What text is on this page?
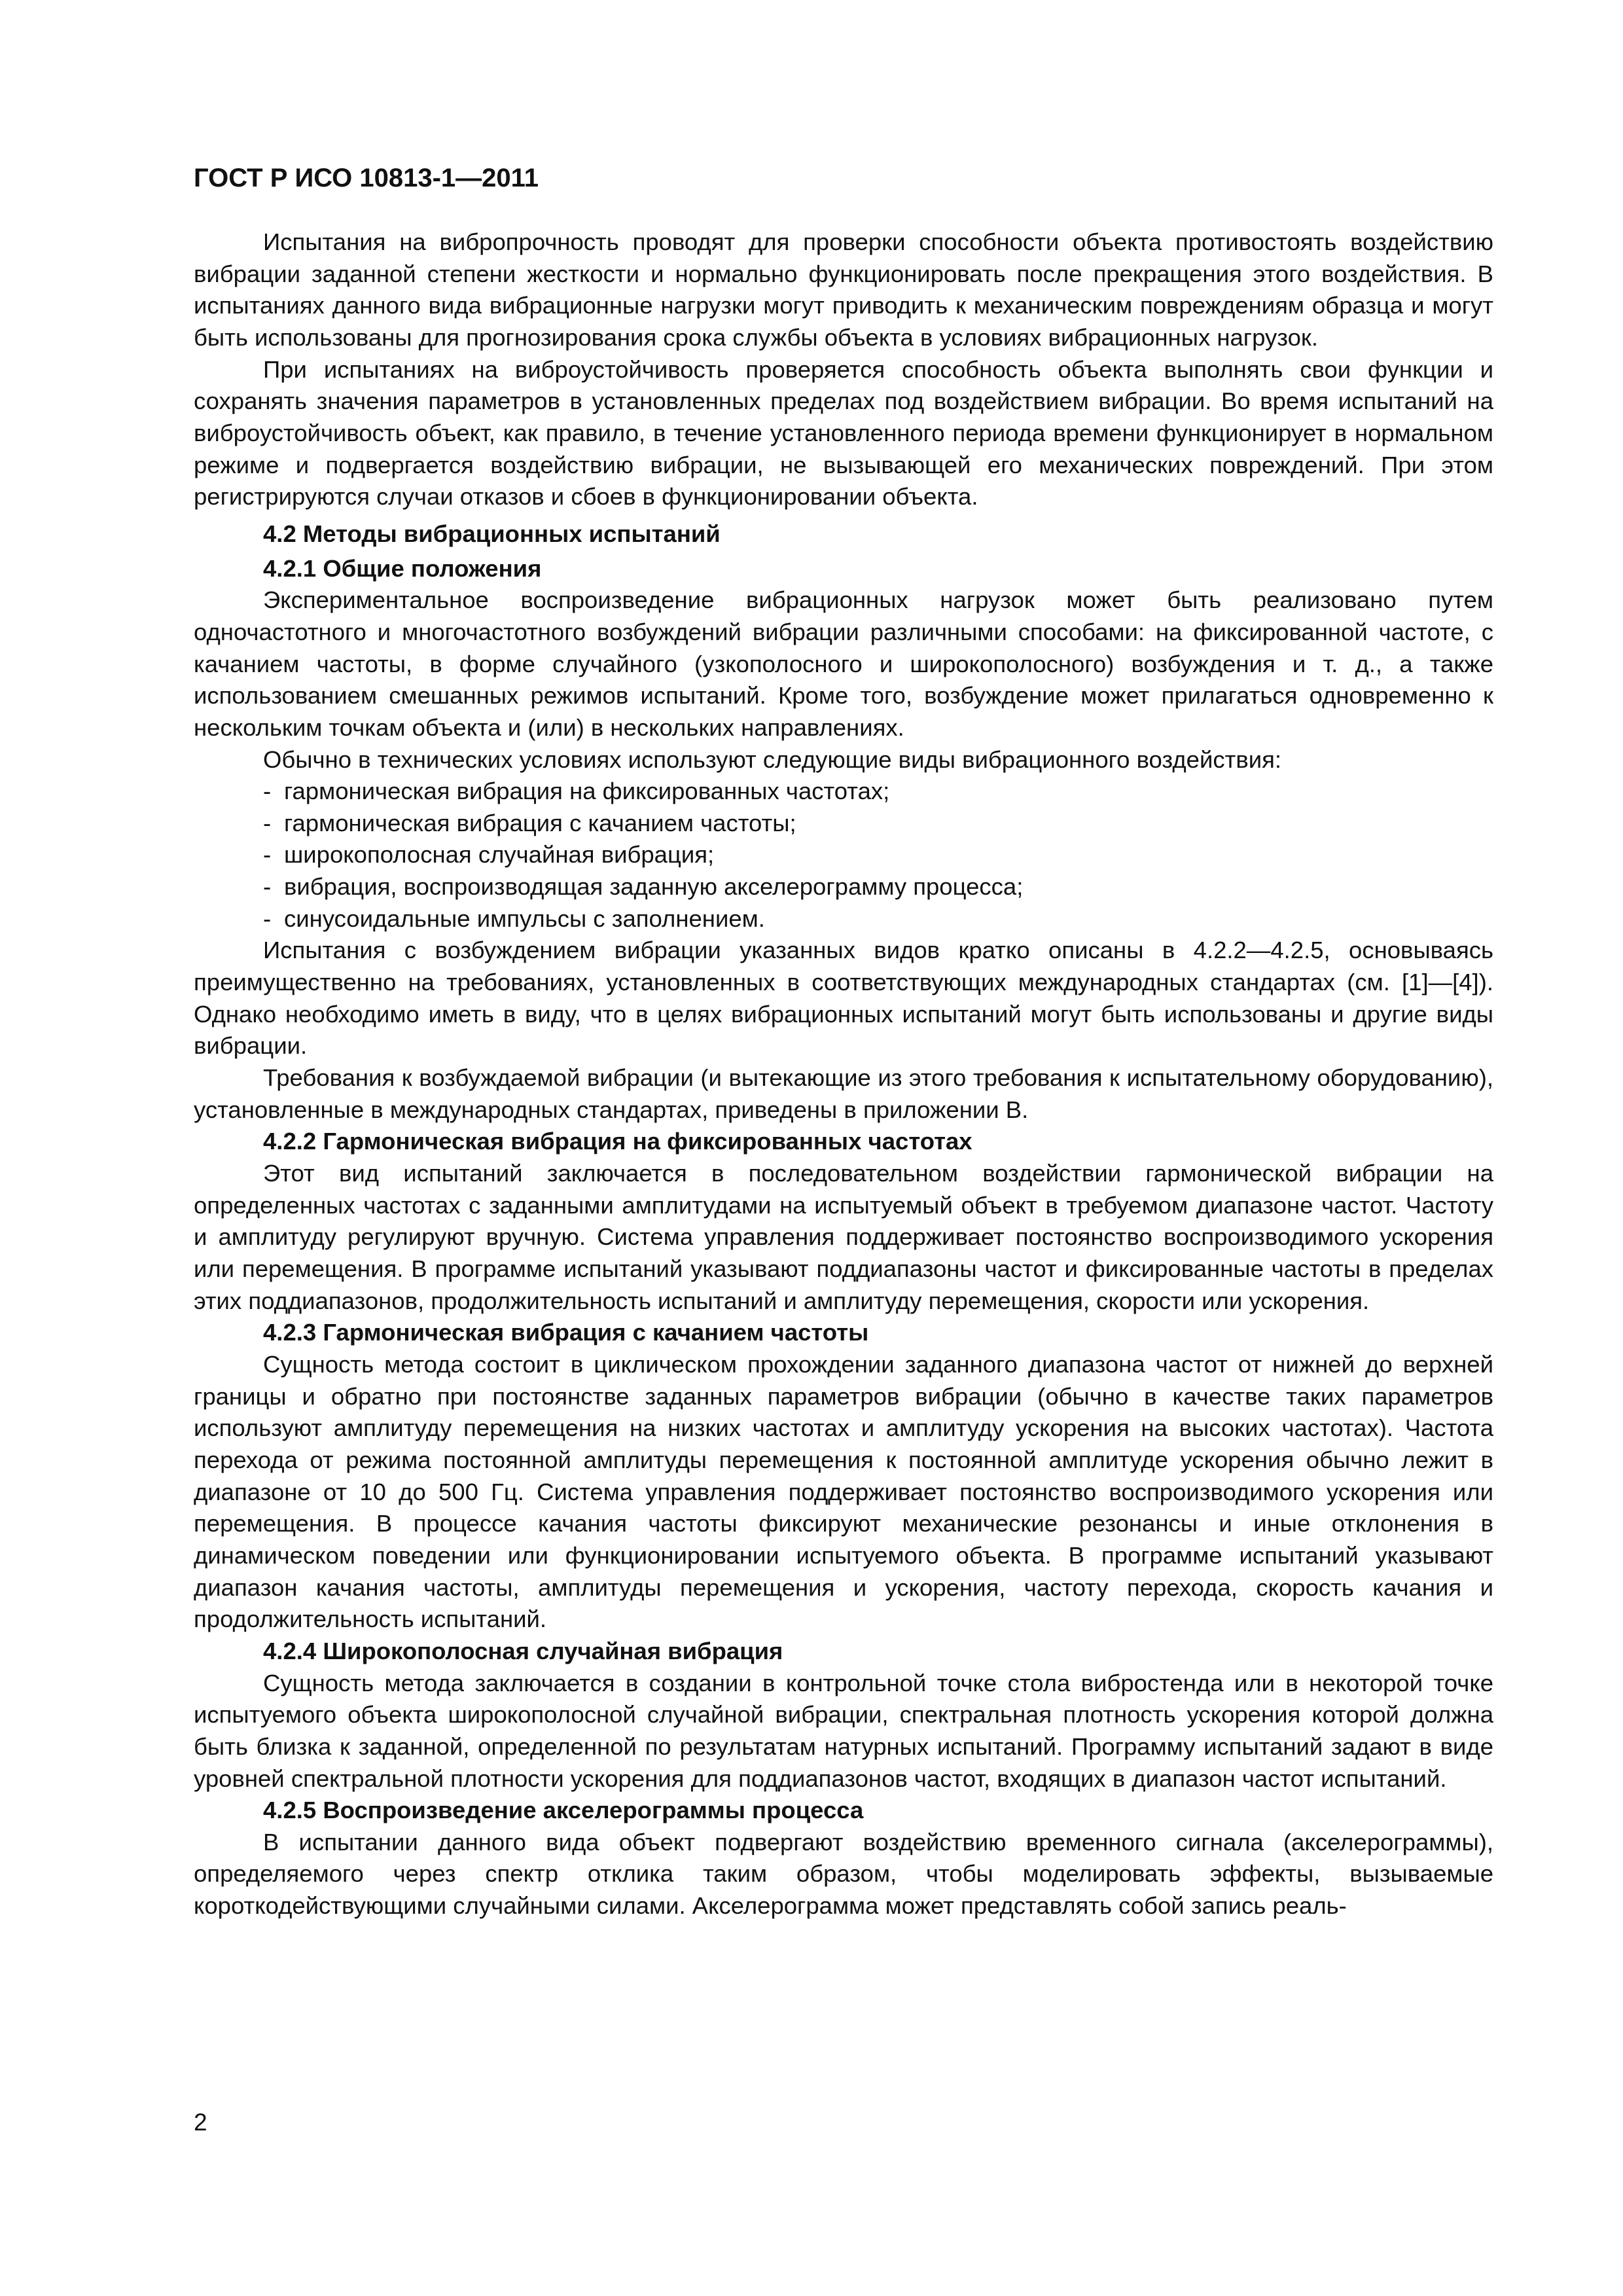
ГОСТ Р ИСО 10813-1—2011

Испытания на вибропрочность проводят для проверки способности объекта противостоять воздействию вибрации заданной степени жесткости и нормально функционировать после прекращения этого воздействия. В испытаниях данного вида вибрационные нагрузки могут приводить к механическим повреждениям образца и могут быть использованы для прогнозирования срока службы объекта в условиях вибрационных нагрузок.

При испытаниях на виброустойчивость проверяется способность объекта выполнять свои функции и сохранять значения параметров в установленных пределах под воздействием вибрации. Во время испытаний на виброустойчивость объект, как правило, в течение установленного периода времени функционирует в нормальном режиме и подвергается воздействию вибрации, не вызывающей его механических повреждений. При этом регистрируются случаи отказов и сбоев в функционировании объекта.

4.2 Методы вибрационных испытаний
4.2.1 Общие положения

Экспериментальное воспроизведение вибрационных нагрузок может быть реализовано путем одночастотного и многочастотного возбуждений вибрации различными способами: на фиксированной частоте, с качанием частоты, в форме случайного (узкополосного и широкополосного) возбуждения и т. д., а также использованием смешанных режимов испытаний. Кроме того, возбуждение может прилагаться одновременно к нескольким точкам объекта и (или) в нескольких направлениях.

Обычно в технических условиях используют следующие виды вибрационного воздействия:

- гармоническая вибрация на фиксированных частотах;
- гармоническая вибрация с качанием частоты;
- широкополосная случайная вибрация;
- вибрация, воспроизводящая заданную акселерограмму процесса;
- синусоидальные импульсы с заполнением.

Испытания с возбуждением вибрации указанных видов кратко описаны в 4.2.2—4.2.5, основываясь преимущественно на требованиях, установленных в соответствующих международных стандартах (см. [1]—[4]). Однако необходимо иметь в виду, что в целях вибрационных испытаний могут быть использованы и другие виды вибрации.

Требования к возбуждаемой вибрации (и вытекающие из этого требования к испытательному оборудованию), установленные в международных стандартах, приведены в приложении В.

4.2.2 Гармоническая вибрация на фиксированных частотах

Этот вид испытаний заключается в последовательном воздействии гармонической вибрации на определенных частотах с заданными амплитудами на испытуемый объект в требуемом диапазоне частот. Частоту и амплитуду регулируют вручную. Система управления поддерживает постоянство воспроизводимого ускорения или перемещения. В программе испытаний указывают поддиапазоны частот и фиксированные частоты в пределах этих поддиапазонов, продолжительность испытаний и амплитуду перемещения, скорости или ускорения.

4.2.3 Гармоническая вибрация с качанием частоты

Сущность метода состоит в циклическом прохождении заданного диапазона частот от нижней до верхней границы и обратно при постоянстве заданных параметров вибрации (обычно в качестве таких параметров используют амплитуду перемещения на низких частотах и амплитуду ускорения на высоких частотах). Частота перехода от режима постоянной амплитуды перемещения к постоянной амплитуде ускорения обычно лежит в диапазоне от 10 до 500 Гц. Система управления поддерживает постоянство воспроизводимого ускорения или перемещения. В процессе качания частоты фиксируют механические резонансы и иные отклонения в динамическом поведении или функционировании испытуемого объекта. В программе испытаний указывают диапазон качания частоты, амплитуды перемещения и ускорения, частоту перехода, скорость качания и продолжительность испытаний.

4.2.4 Широкополосная случайная вибрация

Сущность метода заключается в создании в контрольной точке стола вибростенда или в некоторой точке испытуемого объекта широкополосной случайной вибрации, спектральная плотность ускорения которой должна быть близка к заданной, определенной по результатам натурных испытаний. Программу испытаний задают в виде уровней спектральной плотности ускорения для поддиапазонов частот, входящих в диапазон частот испытаний.

4.2.5 Воспроизведение акселерограммы процесса

В испытании данного вида объект подвергают воздействию временного сигнала (акселерограммы), определяемого через спектр отклика таким образом, чтобы моделировать эффекты, вызываемые короткодействующими случайными силами. Акселерограмма может представлять собой запись реаль-

2
